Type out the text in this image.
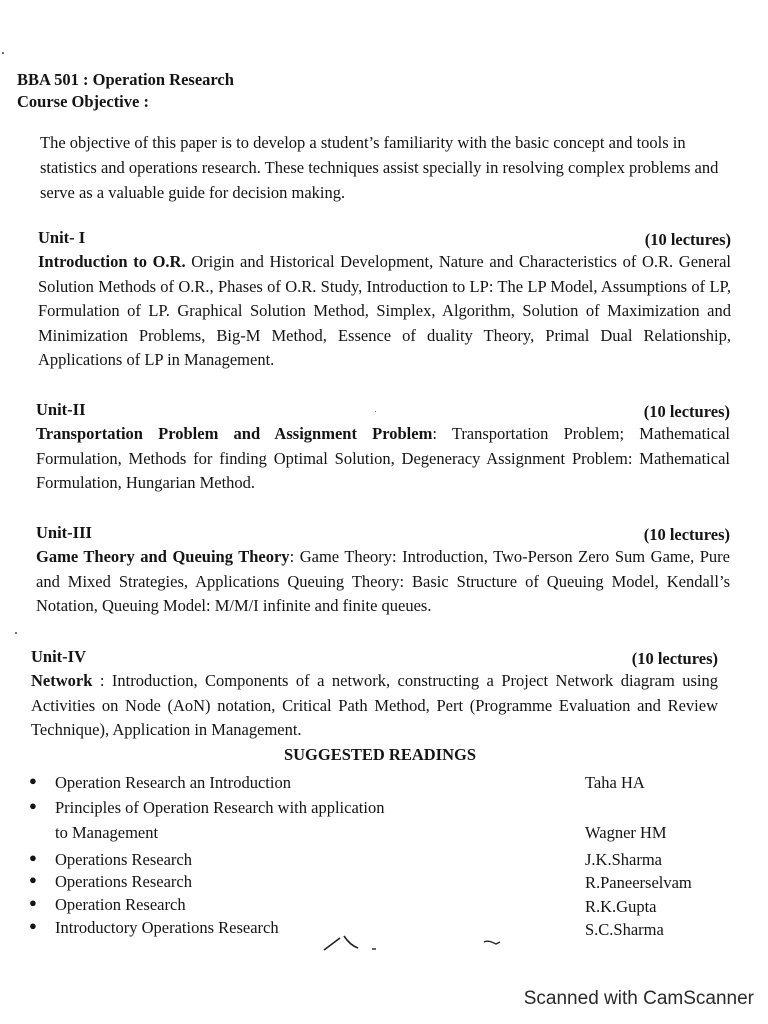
BBA 501 : Operation Research
Course Objective :
The objective of this paper is to develop a student’s familiarity with the basic concept and tools in statistics and operations research. These techniques assist specially in resolving complex problems and serve as a valuable guide for decision making.
Unit- I	(10 lectures)
Introduction to O.R. Origin and Historical Development, Nature and Characteristics of O.R. General Solution Methods of O.R., Phases of O.R. Study, Introduction to LP: The LP Model, Assumptions of LP, Formulation of LP. Graphical Solution Method, Simplex, Algorithm, Solution of Maximization and Minimization Problems, Big-M Method, Essence of duality Theory, Primal Dual Relationship, Applications of LP in Management.
Unit-II	(10 lectures)
Transportation Problem and Assignment Problem: Transportation Problem; Mathematical Formulation, Methods for finding Optimal Solution, Degeneracy Assignment Problem: Mathematical Formulation, Hungarian Method.
Unit-III	(10 lectures)
Game Theory and Queuing Theory: Game Theory: Introduction, Two-Person Zero Sum Game, Pure and Mixed Strategies, Applications Queuing Theory: Basic Structure of Queuing Model, Kendall’s Notation, Queuing Model: M/M/I infinite and finite queues.
Unit-IV	(10 lectures)
Network : Introduction, Components of a network, constructing a Project Network diagram using Activities on Node (AoN) notation, Critical Path Method, Pert (Programme Evaluation and Review Technique), Application in Management.
SUGGESTED READINGS
● Operation Research an Introduction	Taha HA
● Principles of Operation Research with application to Management	Wagner HM
● Operations Research	J.K.Sharma
● Operations Research	R.Paneerselvam
● Operation Research	R.K.Gupta
● Introductory Operations Research	S.C.Sharma
Scanned with CamScanner
